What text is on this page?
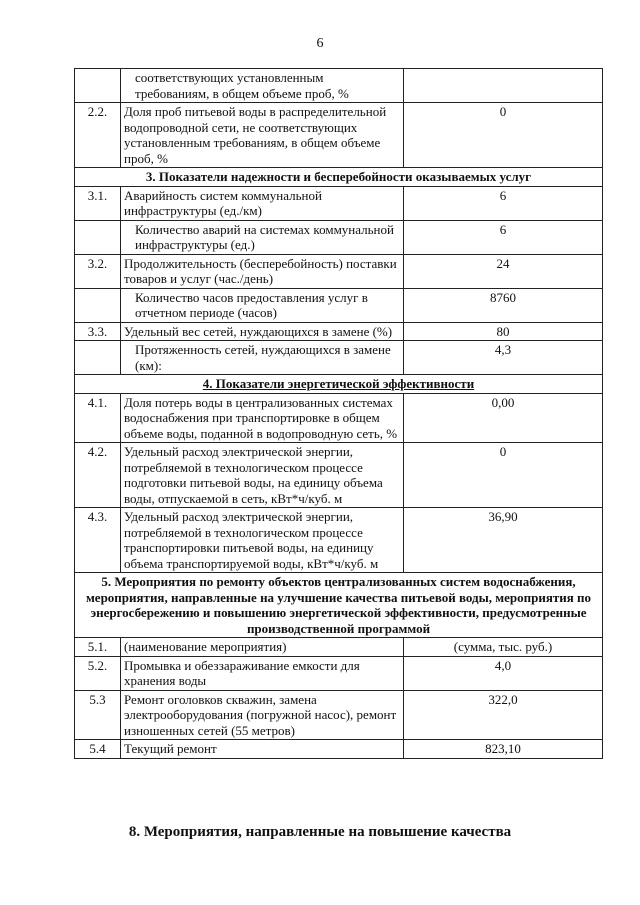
6
	соответствующих установленным требованиям, в общем объеме проб, %	
2.2.	Доля проб питьевой воды в распределительной водопроводной сети, не соответствующих установленным требованиям, в общем объеме проб, %	0
3. Показатели надежности и бесперебойности оказываемых услуг		
3.1.	Аварийность систем коммунальной инфраструктуры (ед./км)	6
	Количество аварий на системах коммунальной инфраструктуры (ед.)	6
3.2.	Продолжительность (бесперебойность) поставки товаров и услуг (час./день)	24
	Количество часов предоставления услуг в отчетном периоде (часов)	8760
3.3.	Удельный вес сетей, нуждающихся в замене (%)	80
	Протяженность сетей, нуждающихся в замене (км):	4,3
4. Показатели энергетической эффективности		
4.1.	Доля потерь воды в централизованных системах водоснабжения при транспортировке в общем объеме воды, поданной в водопроводную сеть, %	0,00
4.2.	Удельный расход электрической энергии, потребляемой в технологическом процессе подготовки питьевой воды, на единицу объема воды, отпускаемой в сеть, кВт*ч/куб. м	0
4.3.	Удельный расход электрической энергии, потребляемой в технологическом процессе транспортировки питьевой воды, на единицу объема транспортируемой воды, кВт*ч/куб. м	36,90
5. Мероприятия по ремонту объектов централизованных систем водоснабжения, мероприятия, направленные на улучшение качества питьевой воды, мероприятия по энергосбережению и повышению энергетической эффективности, предусмотренные производственной программой		
5.1.	(наименование мероприятия)	(сумма, тыс. руб.)
5.2.	Промывка и обеззараживание емкости для хранения воды	4,0
5.3	Ремонт оголовков скважин, замена электрооборудования (погружной насос), ремонт изношенных сетей (55 метров)	322,0
5.4	Текущий ремонт	823,10
8. Мероприятия, направленные на повышение качества
